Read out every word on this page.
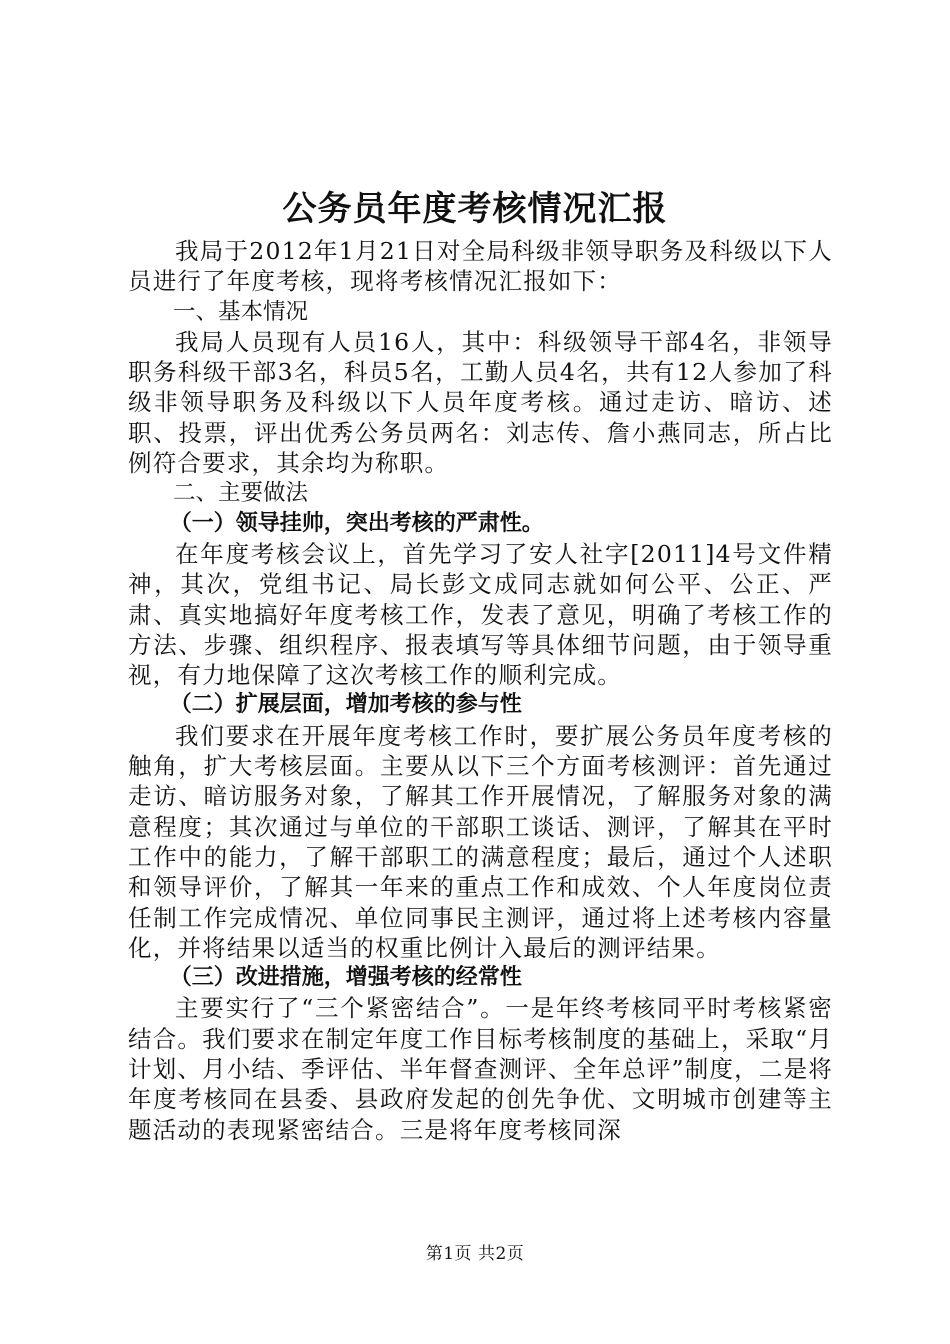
公务员年度考核情况汇报

我局于2012年1月21日对全局科级非领导职务及科级以下人员进行了年度考核，现将考核情况汇报如下：

一、基本情况

我局人员现有人员16人，其中：科级领导干部4名，非领导职务科级干部3名，科员5名，工勤人员4名，共有12人参加了科级非领导职务及科级以下人员年度考核。通过走访、暗访、述职、投票，评出优秀公务员两名：刘志传、詹小燕同志，所占比例符合要求，其余均为称职。

二、主要做法

（一）领导挂帅，突出考核的严肃性。

在年度考核会议上，首先学习了安人社字[2011]4号文件精神，其次，党组书记、局长彭文成同志就如何公平、公正、严肃、真实地搞好年度考核工作，发表了意见，明确了考核工作的方法、步骤、组织程序、报表填写等具体细节问题，由于领导重视，有力地保障了这次考核工作的顺利完成。

（二）扩展层面，增加考核的参与性

我们要求在开展年度考核工作时，要扩展公务员年度考核的触角，扩大考核层面。主要从以下三个方面考核测评：首先通过走访、暗访服务对象，了解其工作开展情况，了解服务对象的满意程度；其次通过与单位的干部职工谈话、测评，了解其在平时工作中的能力，了解干部职工的满意程度；最后，通过个人述职和领导评价，了解其一年来的重点工作和成效、个人年度岗位责任制工作完成情况、单位同事民主测评，通过将上述考核内容量化，并将结果以适当的权重比例计入最后的测评结果。

（三）改进措施，增强考核的经常性

主要实行了“三个紧密结合”。一是年终考核同平时考核紧密结合。我们要求在制定年度工作目标考核制度的基础上，采取“月计划、月小结、季评估、半年督查测评、全年总评”制度，二是将年度考核同在县委、县政府发起的创先争优、文明城市创建等主题活动的表现紧密结合。三是将年度考核同深

第1页 共2页
